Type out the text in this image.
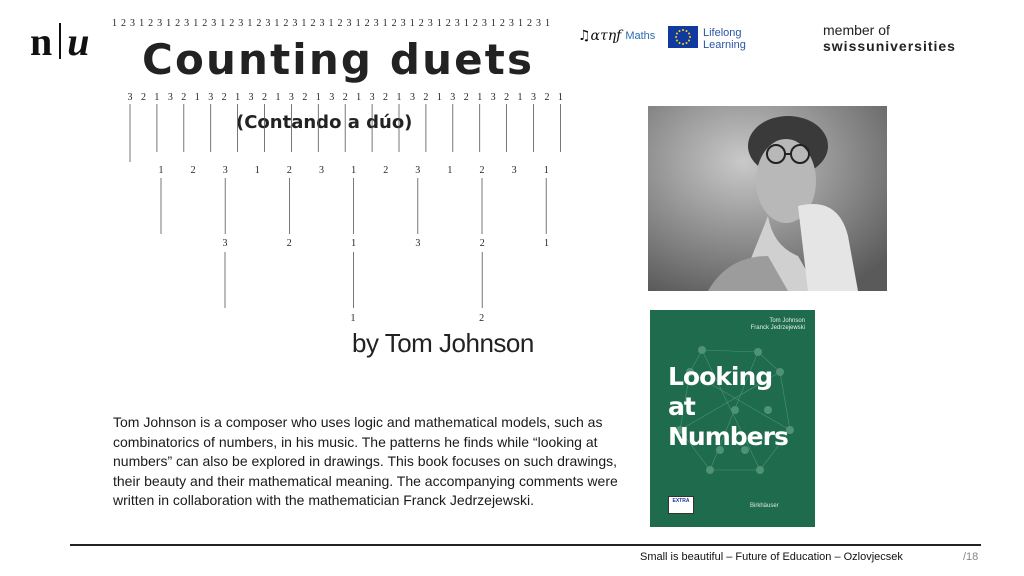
n u 1 2 3 1 2 3 1 2 3 1 2 3 1 2 3 1 2 3 1 2 3 1 2 3 1 2 3 1 2 3 1 2 3 1 2 3 1 2 3 1 2 3 1 2 3 1 2 3 1
Counting duets
3 2 1 3 2 1 3 2 1 3 2 1 3 2 1 3 2 1 3 2 1 3 2 1 3 2 1 3 2 1 3 2 1
(Contando a dúo)
1	2	3	1	2	3	1	2	3	1	2	3	1
3	2	1	3	2	1
1	2
by Tom Johnson
♫ατηƒ Maths	Lifelong
Learning
member of
swissuniversities
Tom Johnson
Franck Jedrzejewski
Looking
at Numbers
EXTRA
Birkhäuser
Tom Johnson is a composer who uses logic and mathematical models, such as combinatorics of numbers, in his music. The patterns he finds while “looking at numbers” can also be explored in drawings. This book focuses on such drawings, their beauty and their mathematical meaning. The accompanying comments were written in collaboration with the mathematician Franck Jedrzejewski.
Small is beautiful – Future of Education – Ozlovjecsek	/18
